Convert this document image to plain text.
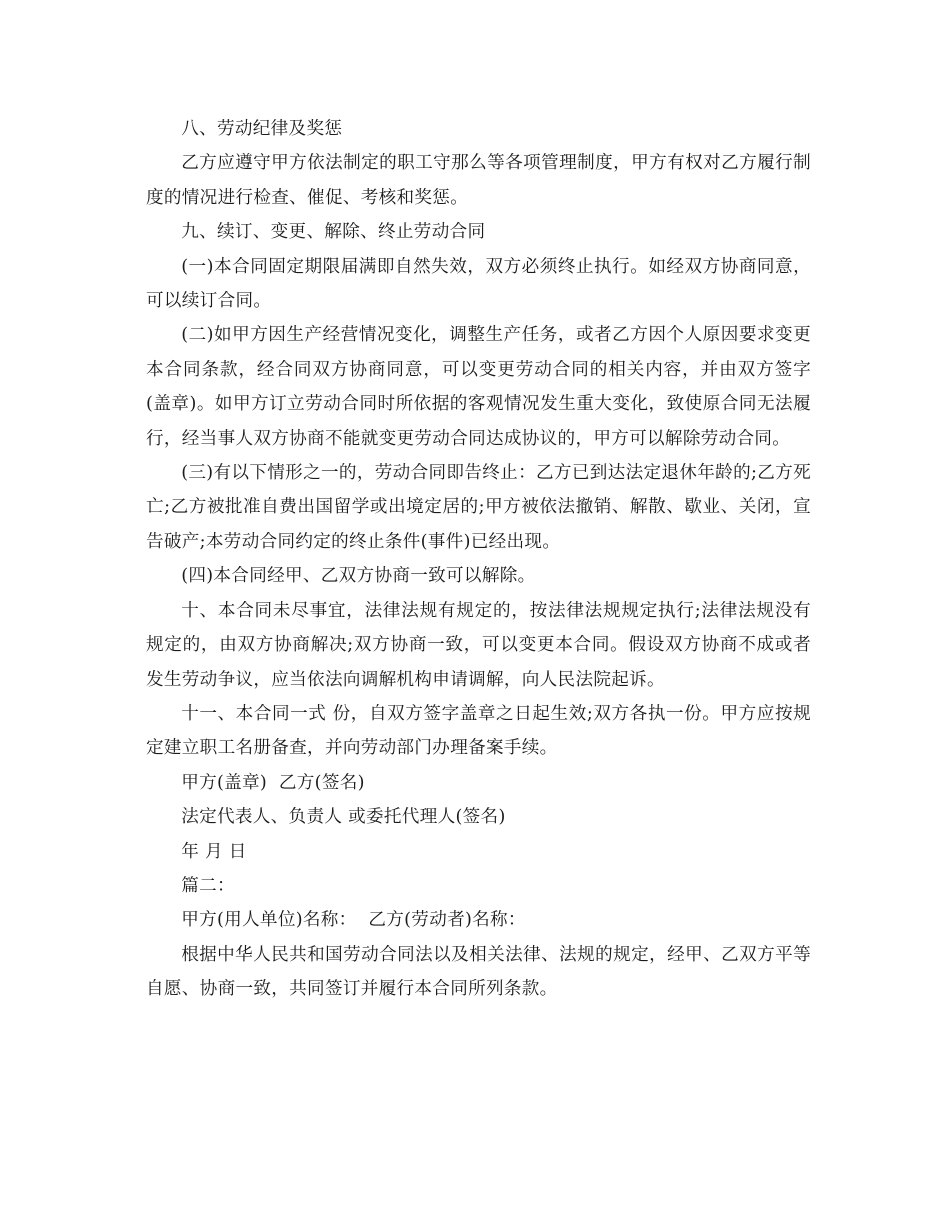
八、劳动纪律及奖惩

乙方应遵守甲方依法制定的职工守那么等各项管理制度，甲方有权对乙方履行制度的情况进行检查、催促、考核和奖惩。

九、续订、变更、解除、终止劳动合同

(一)本合同固定期限届满即自然失效，双方必须终止执行。如经双方协商同意，可以续订合同。

(二)如甲方因生产经营情况变化，调整生产任务，或者乙方因个人原因要求变更本合同条款，经合同双方协商同意，可以变更劳动合同的相关内容，并由双方签字(盖章)。如甲方订立劳动合同时所依据的客观情况发生重大变化，致使原合同无法履行，经当事人双方协商不能就变更劳动合同达成协议的，甲方可以解除劳动合同。

(三)有以下情形之一的，劳动合同即告终止：乙方已到达法定退休年龄的;乙方死亡;乙方被批准自费出国留学或出境定居的;甲方被依法撤销、解散、歇业、关闭，宣告破产;本劳动合同约定的终止条件(事件)已经出现。

(四)本合同经甲、乙双方协商一致可以解除。

十、本合同未尽事宜，法律法规有规定的，按法律法规规定执行;法律法规没有规定的，由双方协商解决;双方协商一致，可以变更本合同。假设双方协商不成或者发生劳动争议，应当依法向调解机构申请调解，向人民法院起诉。

十一、本合同一式 份，自双方签字盖章之日起生效;双方各执一份。甲方应按规定建立职工名册备查，并向劳动部门办理备案手续。

甲方(盖章)  乙方(签名)

法定代表人、负责人 或委托代理人(签名)

年 月 日

篇二：

甲方(用人单位)名称：  乙方(劳动者)名称：

根据中华人民共和国劳动合同法以及相关法律、法规的规定，经甲、乙双方平等自愿、协商一致，共同签订并履行本合同所列条款。
